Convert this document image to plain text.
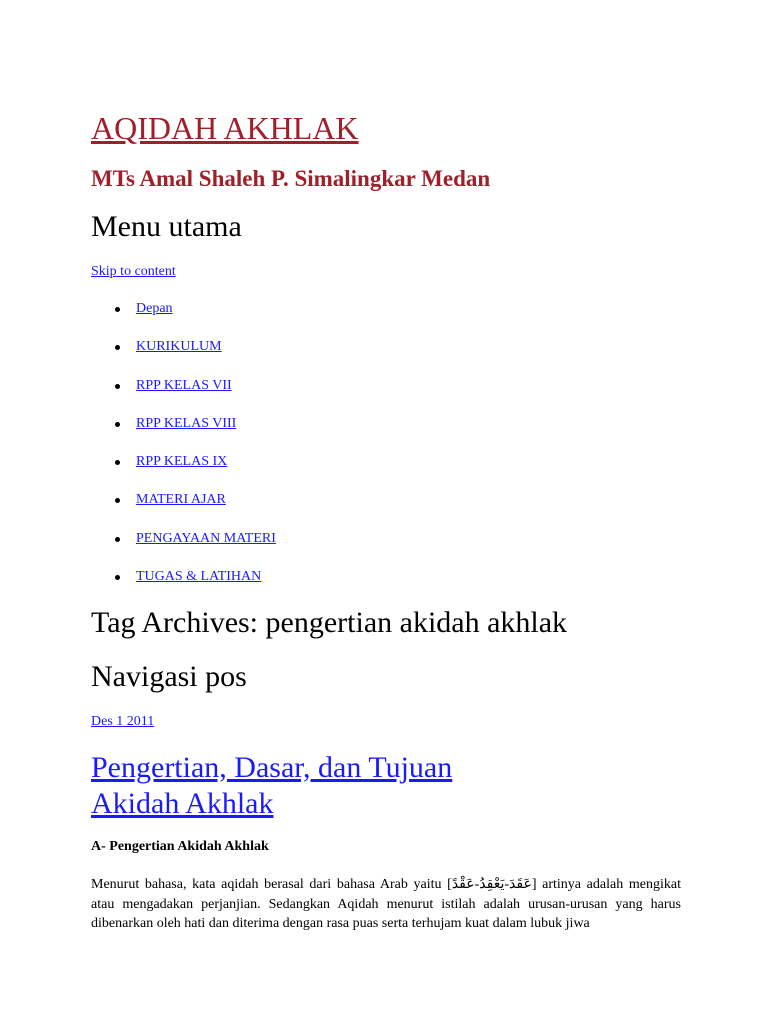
AQIDAH AKHLAK
MTs Amal Shaleh P. Simalingkar Medan
Menu utama
Skip to content
Depan
KURIKULUM
RPP KELAS VII
RPP KELAS VIII
RPP KELAS IX
MATERI AJAR
PENGAYAAN MATERI
TUGAS & LATIHAN
Tag Archives: pengertian akidah akhlak
Navigasi pos
Des 1 2011
Pengertian, Dasar, dan Tujuan Akidah Akhlak
A- Pengertian Akidah Akhlak

Menurut bahasa, kata aqidah berasal dari bahasa Arab yaitu [عَقَدَ-يَعْقِدُ-عَقْدً] artinya adalah mengikat atau mengadakan perjanjian. Sedangkan Aqidah menurut istilah adalah urusan-urusan yang harus dibenarkan oleh hati dan diterima dengan rasa puas serta terhujam kuat dalam lubuk jiwa
